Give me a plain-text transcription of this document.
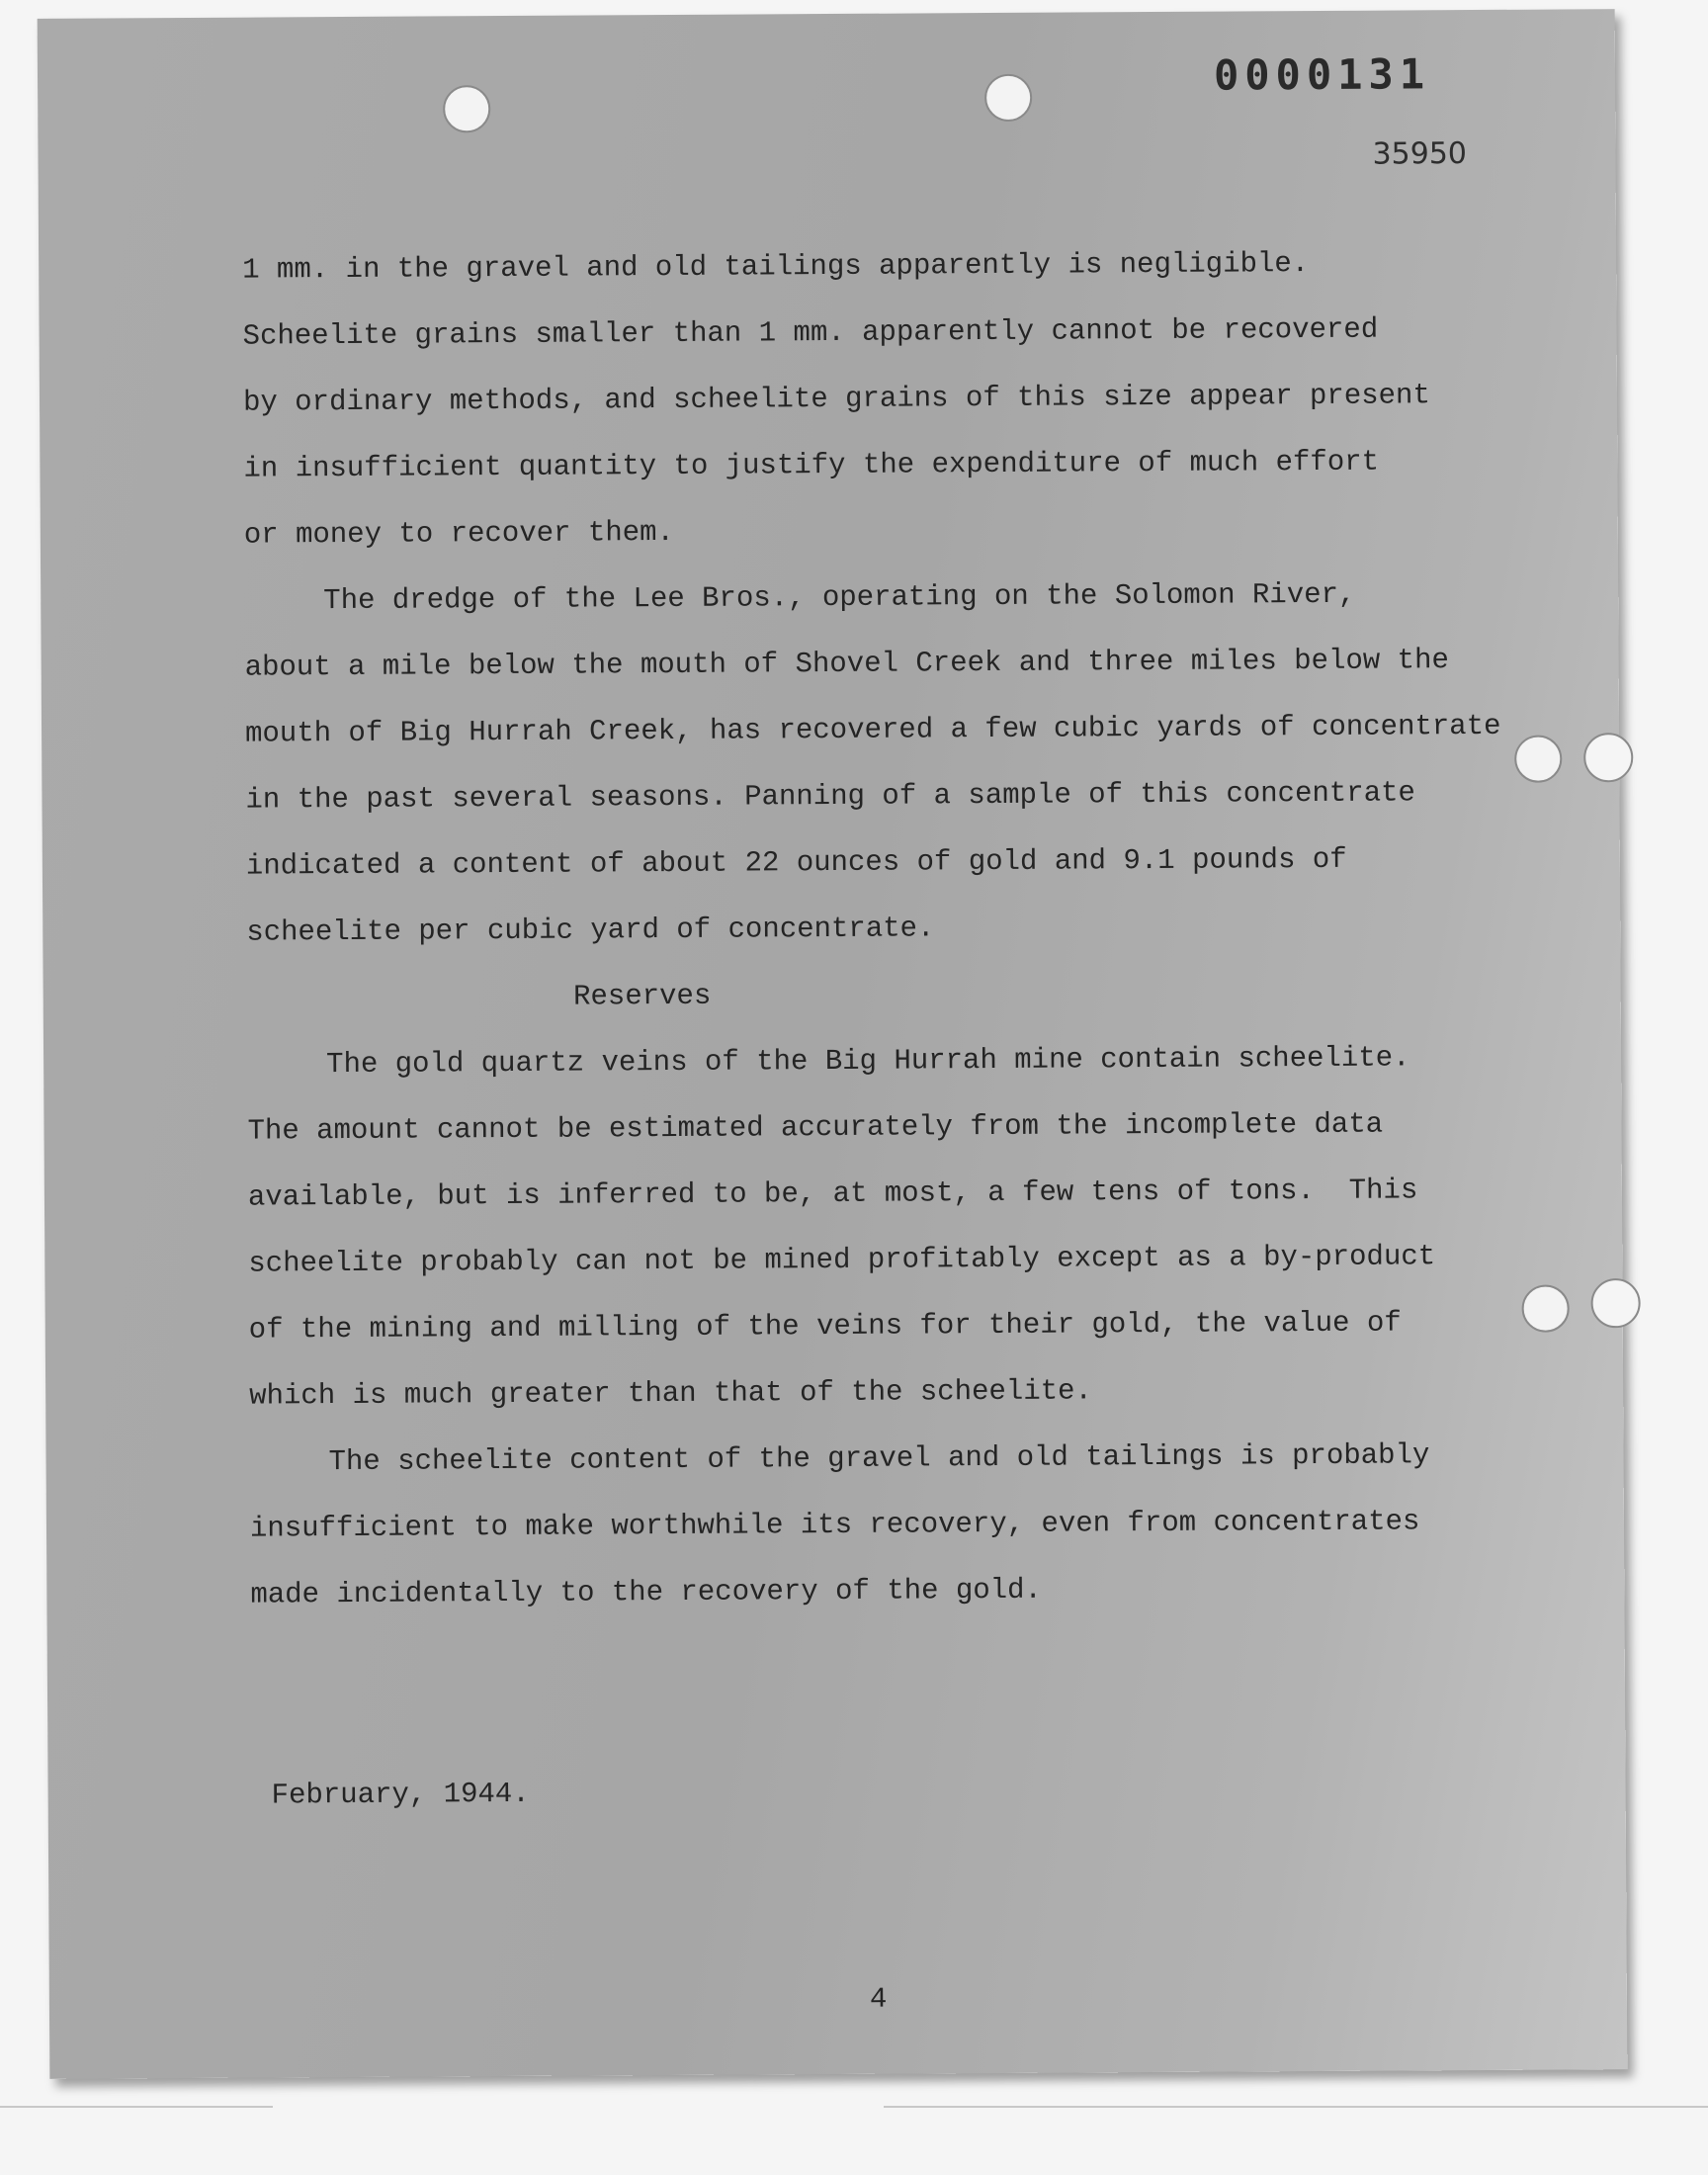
0000131
35950
1 mm. in the gravel and old tailings apparently is negligible.
Scheelite grains smaller than 1 mm. apparently cannot be recovered
by ordinary methods, and scheelite grains of this size appear present
in insufficient quantity to justify the expenditure of much effort
or money to recover them.
The dredge of the Lee Bros., operating on the Solomon River,
about a mile below the mouth of Shovel Creek and three miles below the
mouth of Big Hurrah Creek, has recovered a few cubic yards of concentrate
in the past several seasons. Panning of a sample of this concentrate
indicated a content of about 22 ounces of gold and 9.1 pounds of
scheelite per cubic yard of concentrate.
Reserves
The gold quartz veins of the Big Hurrah mine contain scheelite.
The amount cannot be estimated accurately from the incomplete data
available, but is inferred to be, at most, a few tens of tons.  This
scheelite probably can not be mined profitably except as a by-product
of the mining and milling of the veins for their gold, the value of
which is much greater than that of the scheelite.
The scheelite content of the gravel and old tailings is probably
insufficient to make worthwhile its recovery, even from concentrates
made incidentally to the recovery of the gold.
February, 1944.
4
